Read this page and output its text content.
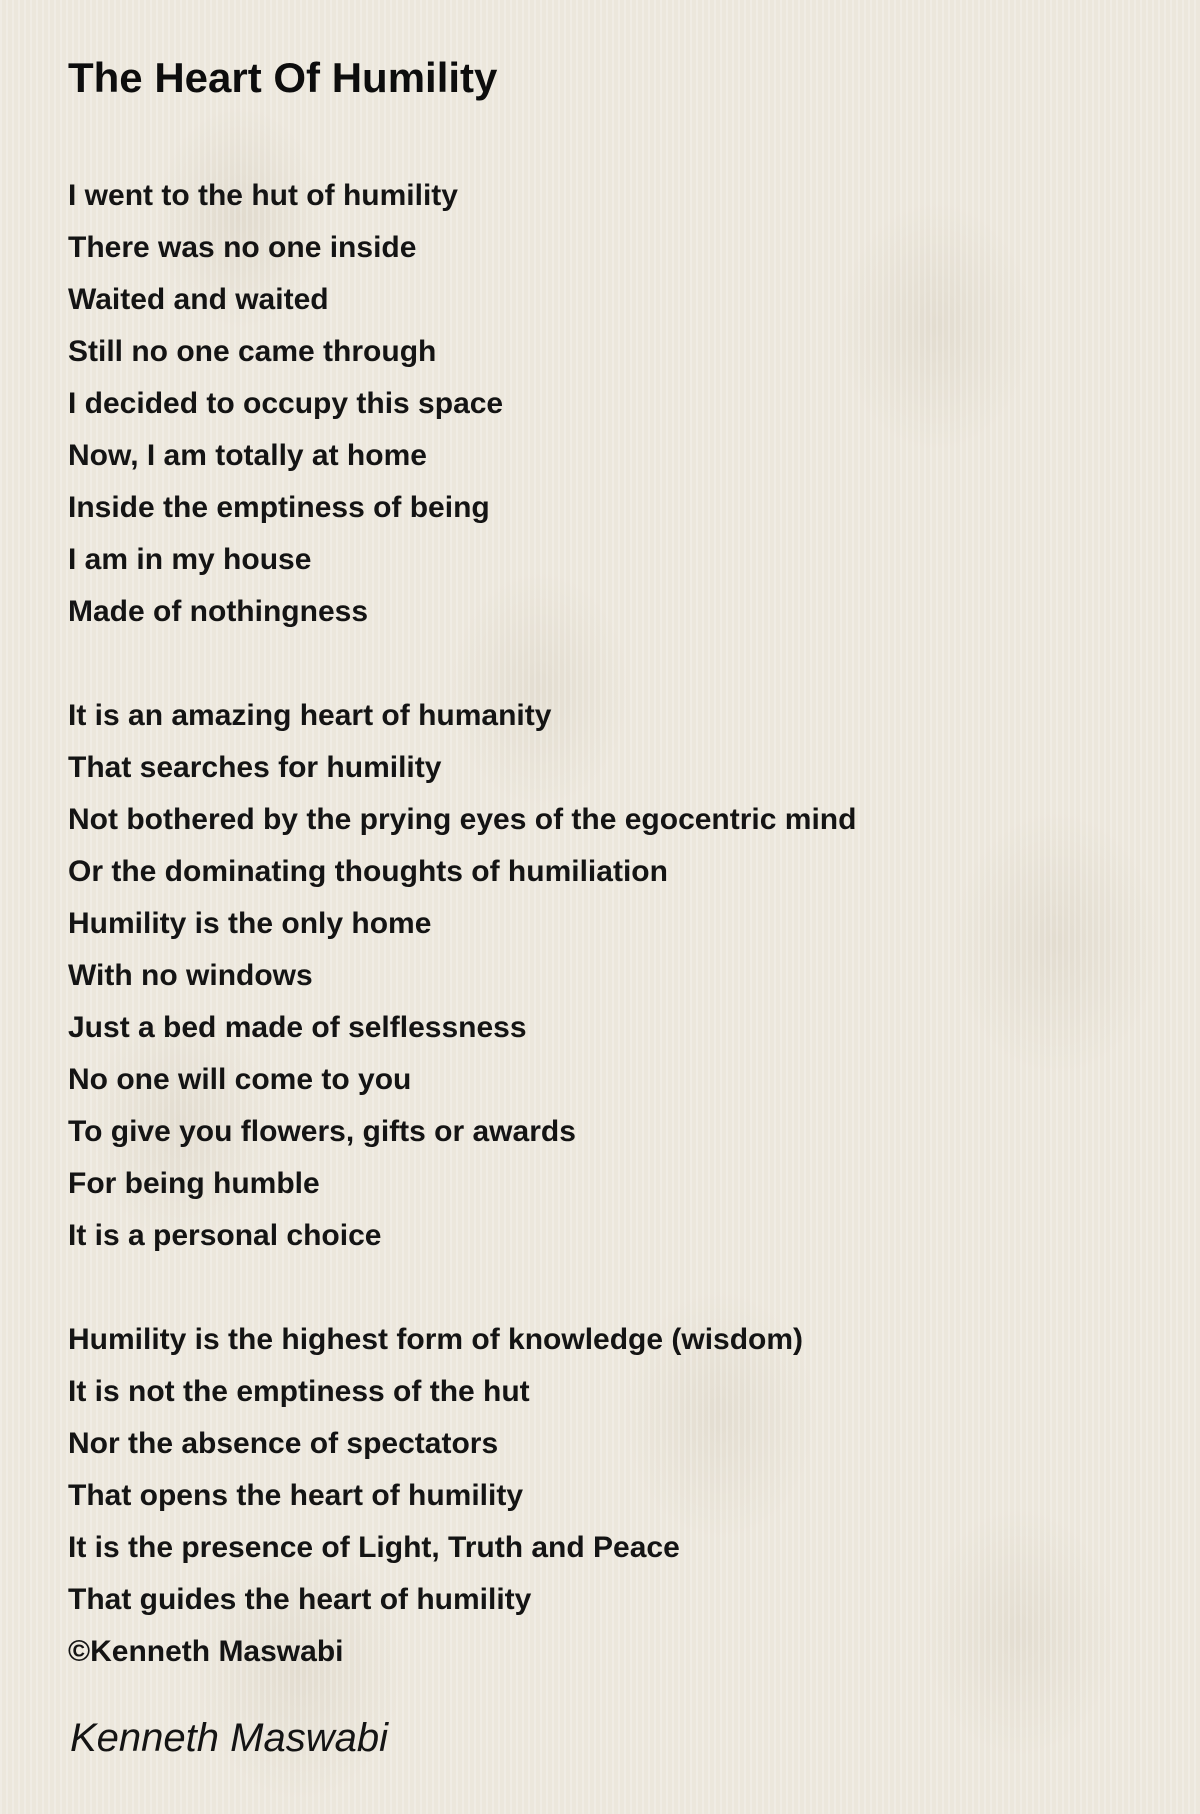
The Heart Of Humility
I went to the hut of humility
There was no one inside
Waited and waited
Still no one came through
I decided to occupy this space
Now, I am totally at home
Inside the emptiness of being
I am in my house
Made of nothingness
It is an amazing heart of humanity
That searches for humility
Not bothered by the prying eyes of the egocentric mind
Or the dominating thoughts of humiliation
Humility is the only home
With no windows
Just a bed made of selflessness
No one will come to you
To give you flowers, gifts or awards
For being humble
It is a personal choice
Humility is the highest form of knowledge (wisdom)
It is not the emptiness of the hut
Nor the absence of spectators
That opens the heart of humility
It is the presence of Light, Truth and Peace
That guides the heart of humility
©Kenneth Maswabi
Kenneth Maswabi
